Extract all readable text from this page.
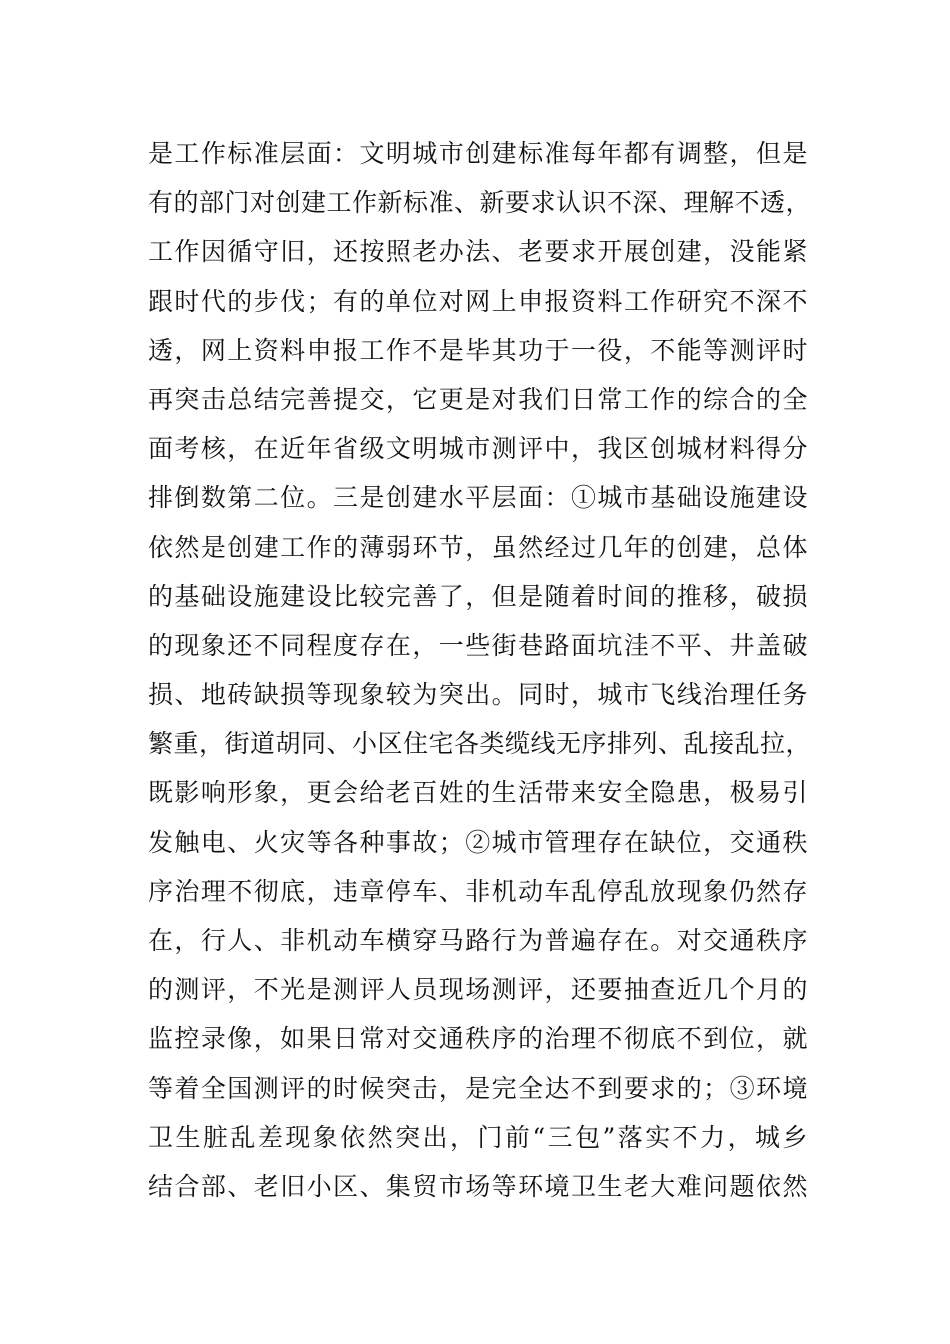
是工作标准层面：文明城市创建标准每年都有调整，但是
有的部门对创建工作新标准、新要求认识不深、理解不透，
工作因循守旧，还按照老办法、老要求开展创建，没能紧
跟时代的步伐；有的单位对网上申报资料工作研究不深不
透，网上资料申报工作不是毕其功于一役，不能等测评时
再突击总结完善提交，它更是对我们日常工作的综合的全
面考核，在近年省级文明城市测评中，我区创城材料得分
排倒数第二位。三是创建水平层面：①城市基础设施建设
依然是创建工作的薄弱环节，虽然经过几年的创建，总体
的基础设施建设比较完善了，但是随着时间的推移，破损
的现象还不同程度存在，一些街巷路面坑洼不平、井盖破
损、地砖缺损等现象较为突出。同时，城市飞线治理任务
繁重，街道胡同、小区住宅各类缆线无序排列、乱接乱拉，
既影响形象，更会给老百姓的生活带来安全隐患，极易引
发触电、火灾等各种事故；②城市管理存在缺位，交通秩
序治理不彻底，违章停车、非机动车乱停乱放现象仍然存
在，行人、非机动车横穿马路行为普遍存在。对交通秩序
的测评，不光是测评人员现场测评，还要抽查近几个月的
监控录像，如果日常对交通秩序的治理不彻底不到位，就
等着全国测评的时候突击，是完全达不到要求的；③环境
卫生脏乱差现象依然突出，门前“三包”落实不力，城乡
结合部、老旧小区、集贸市场等环境卫生老大难问题依然
